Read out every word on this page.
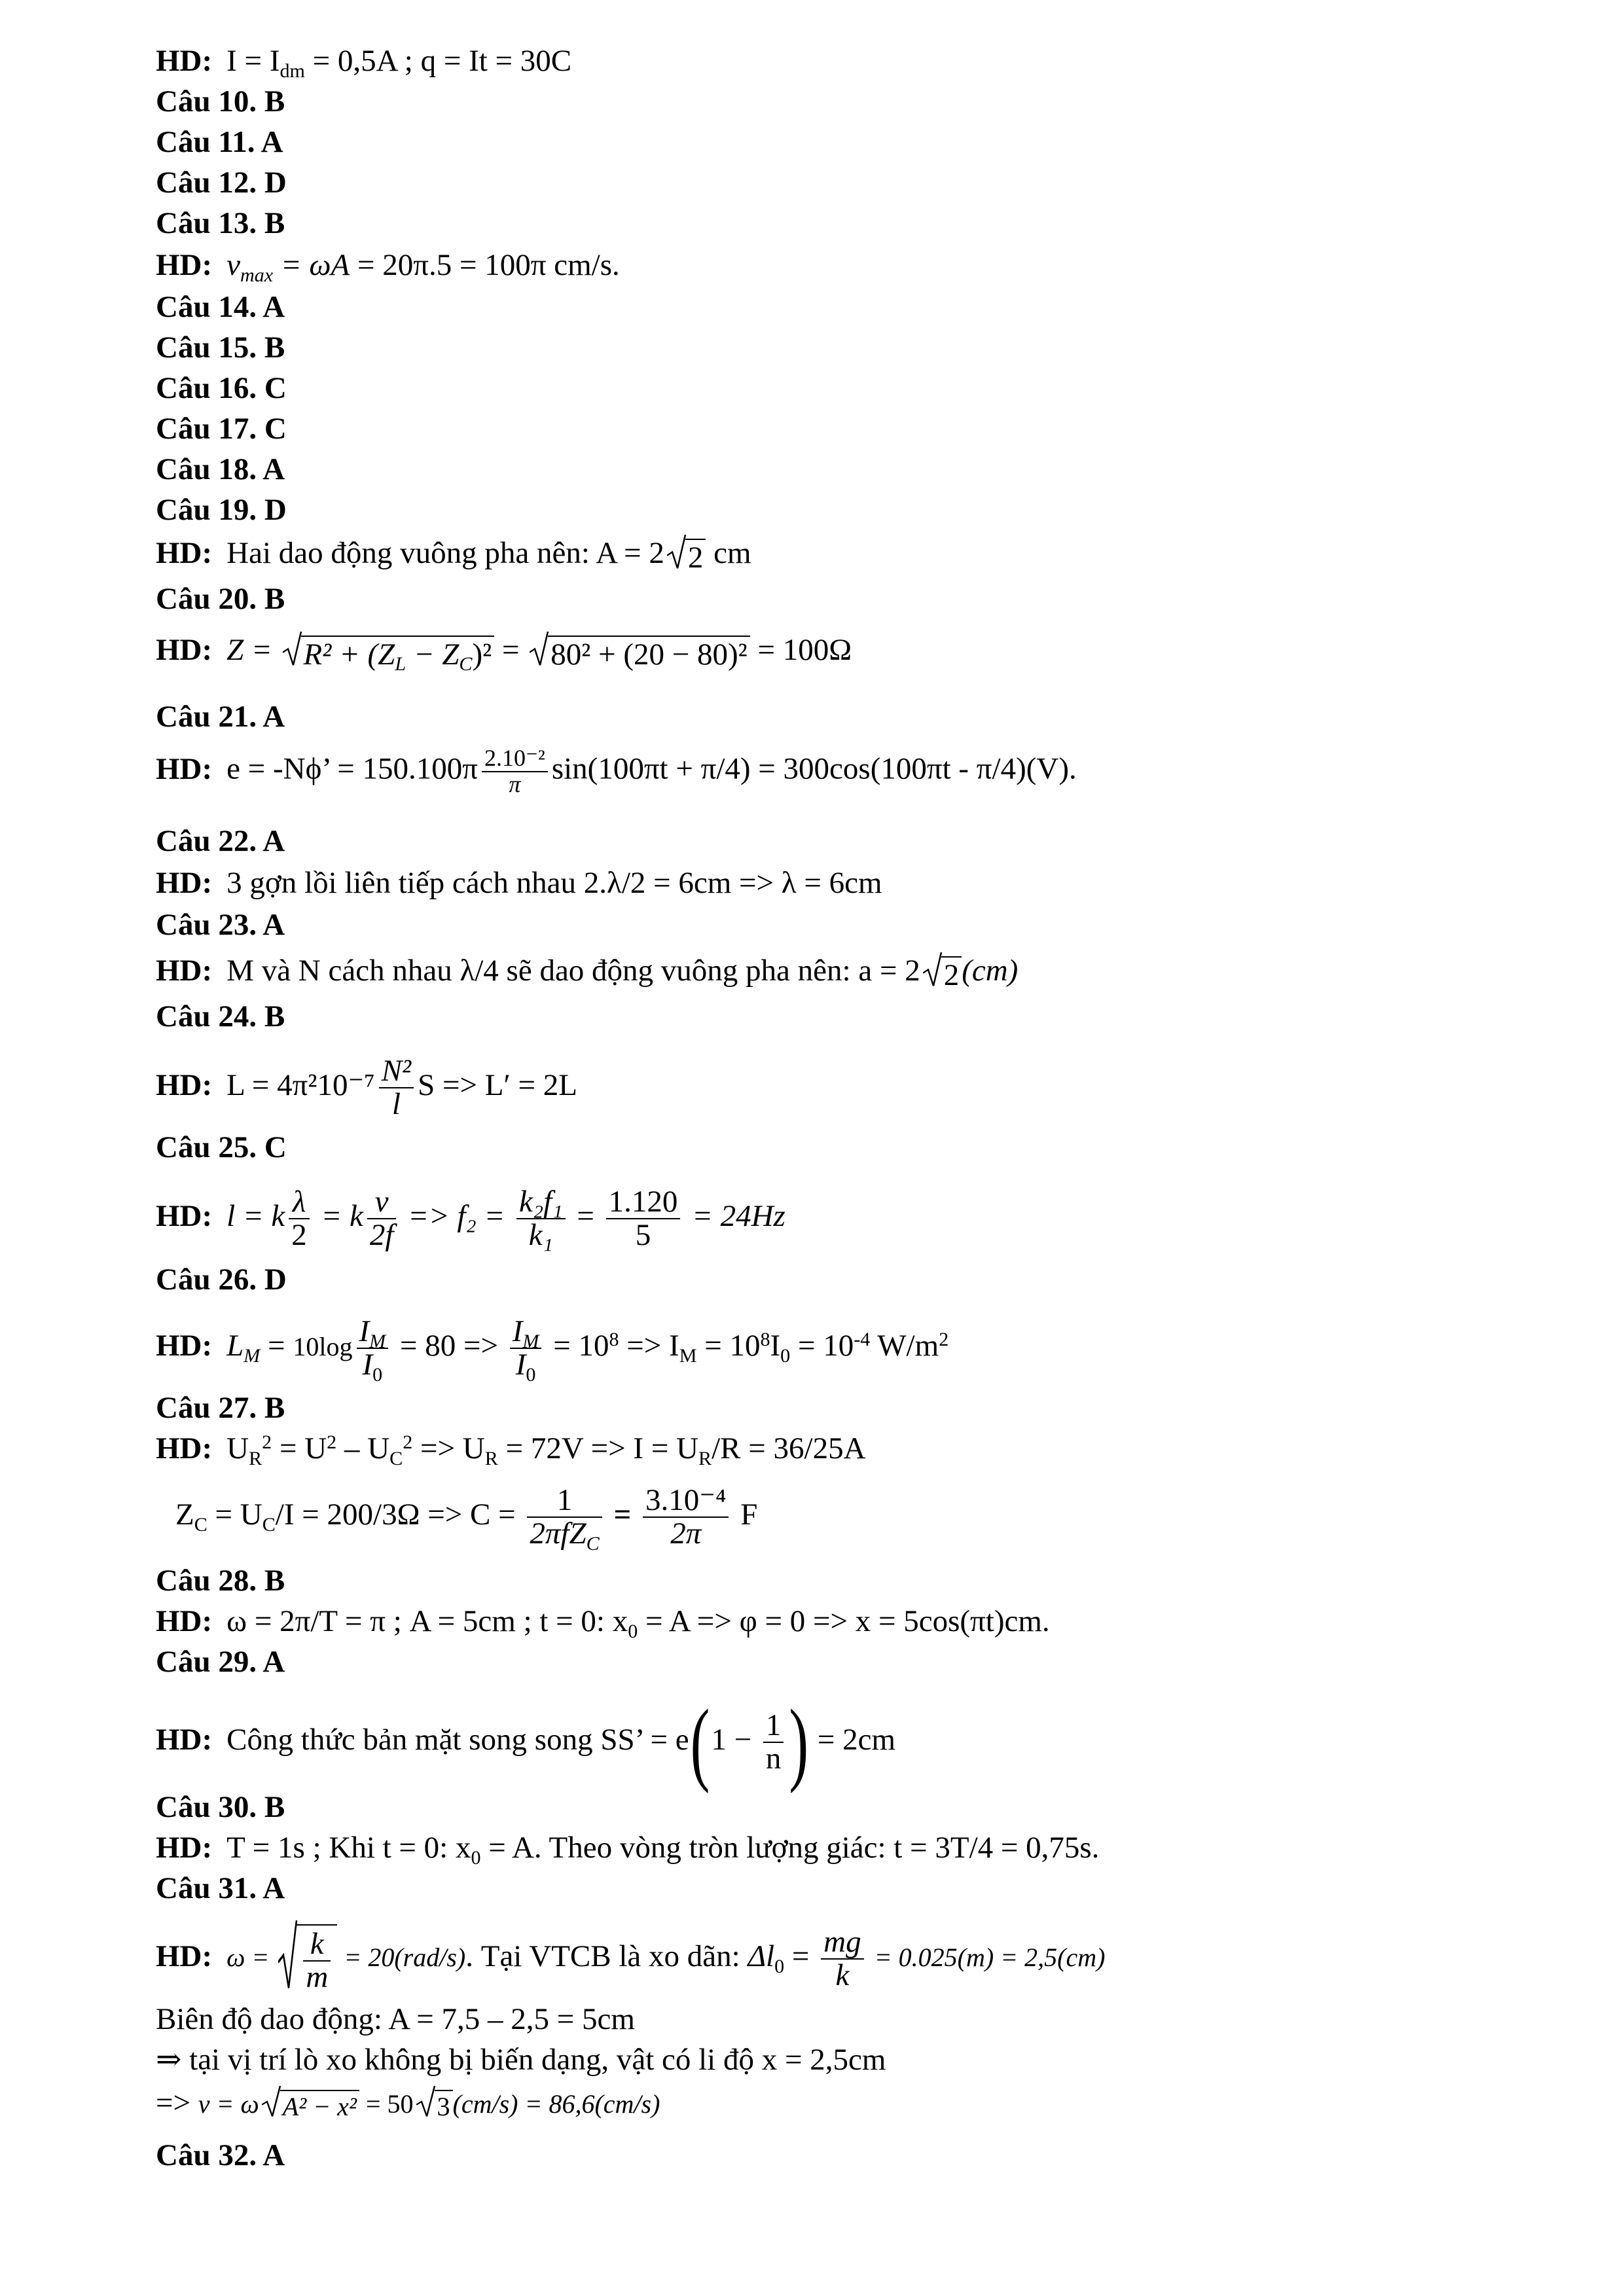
HD: $I = I_{dm} = 0,5A$ ; q = It = 30C
Câu 10. B
Câu 11. A
Câu 12. D
Câu 13. B
HD: $v_{max} = \omega A = 20\pi.5 = 100\pi$ cm/s.
Câu 14. A
Câu 15. B
Câu 16. C
Câu 17. C
Câu 18. A
Câu 19. D
HD: Hai dao động vuông pha nên: A = 2 2 cm
Câu 20. B
HD: Z =
$R^2 + (Z_L - Z_C)^2$ =
80² + (20 − 80)² = 100Ω
Câu 21. A
HD: e = -Nϕ’ = $150.100\pi \frac{\text{2.10⁻²}}{\pi} \sin(100\pi t + \pi/4) = 300\cos(100\pi t - \pi/4)(V)$.
Câu 22. A
HD: 3 gợn lồi liên tiếp cách nhau 2.λ/2 = 6cm => λ = 6cm
Câu 23. A
HD: M và N cách nhau λ/4 sẽ dao động vuông pha nên: a = 2 2(cm)
Câu 24. B
HD: $L = 4\pi^210^{-7} \frac{\text{N²}}{l}$ S => L′ = 2L
Câu 25. C
HD: l = k $\frac{\lambda}{2} = k \frac{v}{2f} => f_2 = \frac{\text{k₂f₁}}{\text{k₁}} = \frac{1.120}{5} = 24Hz$
Câu 26. D
HD: $L_M = 10\log \frac{I_M}{I_0} = 80 => \frac{I_M}{I_0} = 10^8 => I_M = 10^8I_0 = 10^{-4}$ $W/m^2$
Câu 27. B
HD: $U_R^2 = U^2 - U_C^2 => U_R = 72V => I = U_R/R = 36/25A$
$Z_C = U_C/I = 200/3\Omega => C = \frac{1}{2\pi fZ_C} = \frac{\text{3.10⁻⁴}}{2\pi}$ F
Câu 28. B
HD: ω = 2π/T = π ; A = 5cm ; t = 0: $x_0 = A => \varphi = 0 => x = 5\cos(\pi t)cm$.
Câu 29. A
HD: Công thức bản mặt song song SS’ = $e(1 - \frac{1}{n}$ ) = 2cm
Câu 30. B
HD: T = 1s ; Khi t = 0: $x_0 = A$. Theo vòng tròn lượng giác: t = 3T/4 = 0,75s.
Câu 31. A
HD: $\omega = \frac{k}{m} = 20(rad/s)$. Tại VTCB là xo dãn: $\Delta l_0 = \frac{mg}{k} = 0.025(m) = 2,5(cm)$
Biên độ dao động: A = 7,5 – 2,5 = 5cm
⇒ tại vị trí lò xo không bị biến dạng, vật có li độ x = 2,5cm
=> v = ω A² − x² = 50 3 (cm/s) = 86,6(cm/s)
Câu 32. A
